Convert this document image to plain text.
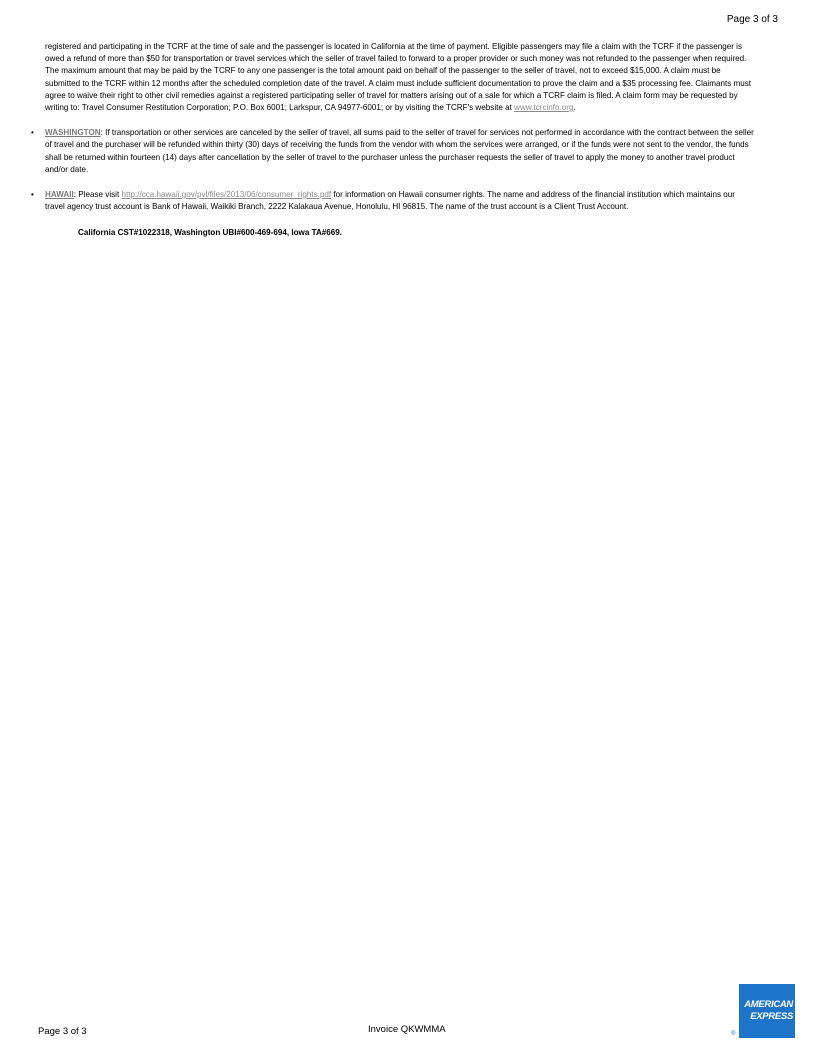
Page 3 of 3
registered and participating in the TCRF at the time of sale and the passenger is located in California at the time of payment. Eligible passengers may file a claim with the TCRF if the passenger is owed a refund of more than $50 for transportation or travel services which the seller of travel failed to forward to a proper provider or such money was not refunded to the passenger when required. The maximum amount that may be paid by the TCRF to any one passenger is the total amount paid on behalf of the passenger to the seller of travel, not to exceed $15,000. A claim must be submitted to the TCRF within 12 months after the scheduled completion date of the travel. A claim must include sufficient documentation to prove the claim and a $35 processing fee. Claimants must agree to waive their right to other civil remedies against a registered participating seller of travel for matters arising out of a sale for which a TCRF claim is filed. A claim form may be requested by writing to: Travel Consumer Restitution Corporation; P.O. Box 6001; Larkspur, CA 94977-6001; or by visiting the TCRF's website at www.tcrcinfo.org.
• WASHINGTON: If transportation or other services are canceled by the seller of travel, all sums paid to the seller of travel for services not performed in accordance with the contract between the seller of travel and the purchaser will be refunded within thirty (30) days of receiving the funds from the vendor with whom the services were arranged, or if the funds were not sent to the vendor, the funds shall be returned within fourteen (14) days after cancellation by the seller of travel to the purchaser unless the purchaser requests the seller of travel to apply the money to another travel product and/or date.
• HAWAII: Please visit http://cca.hawaii.gov/pvl/files/2013/06/consumer_rights.pdf for information on Hawaii consumer rights. The name and address of the financial institution which maintains our travel agency trust account is Bank of Hawaii, Waikiki Branch, 2222 Kalakaua Avenue, Honolulu, HI 96815. The name of the trust account is a Client Trust Account.
California CST#1022318, Washington UBI#600-469-694, Iowa TA#669.
Page 3 of 3	Invoice QKWMMA
AMERICAN
EXPRESS
®
